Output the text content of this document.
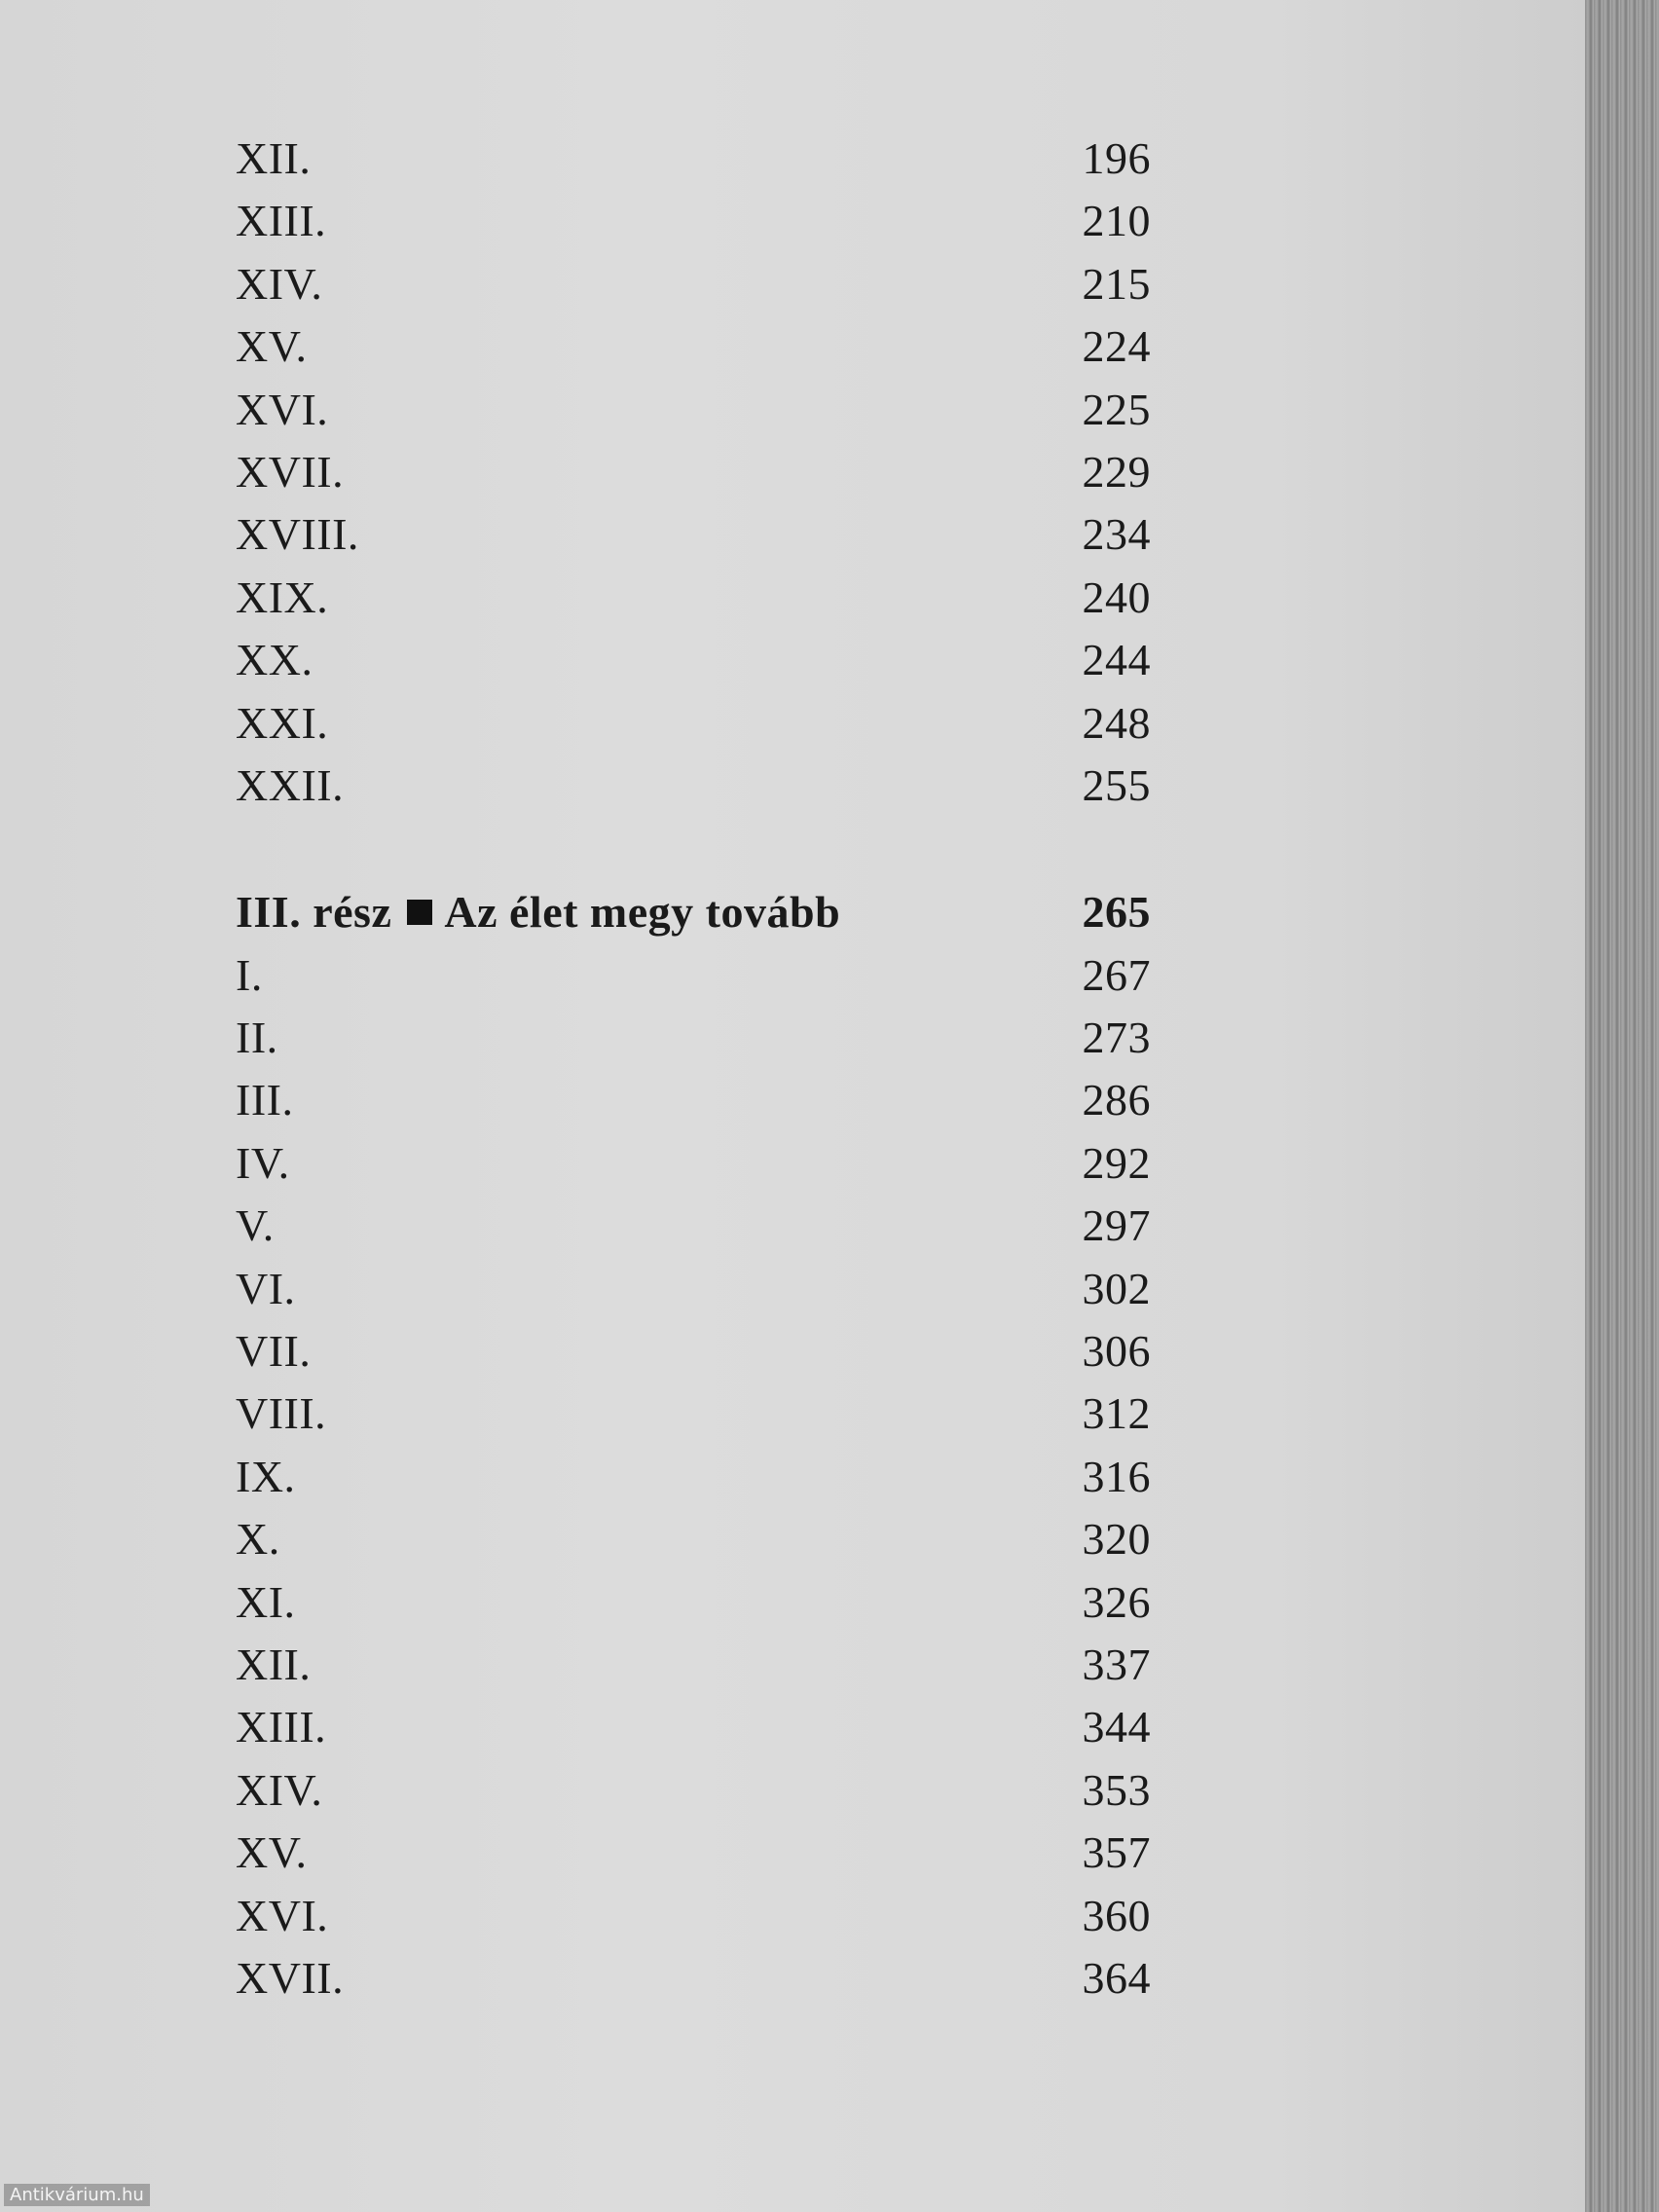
XII.	196
XIII.	210
XIV.	215
XV.	224
XVI.	225
XVII.	229
XVIII.	234
XIX.	240
XX.	244
XXI.	248
XXII.	255
III. rész Az élet megy tovább	265
I.	267
II.	273
III.	286
IV.	292
V.	297
VI.	302
VII.	306
VIII.	312
IX.	316
X.	320
XI.	326
XII.	337
XIII.	344
XIV.	353
XV.	357
XVI.	360
XVII.	364
Antikvárium.hu
